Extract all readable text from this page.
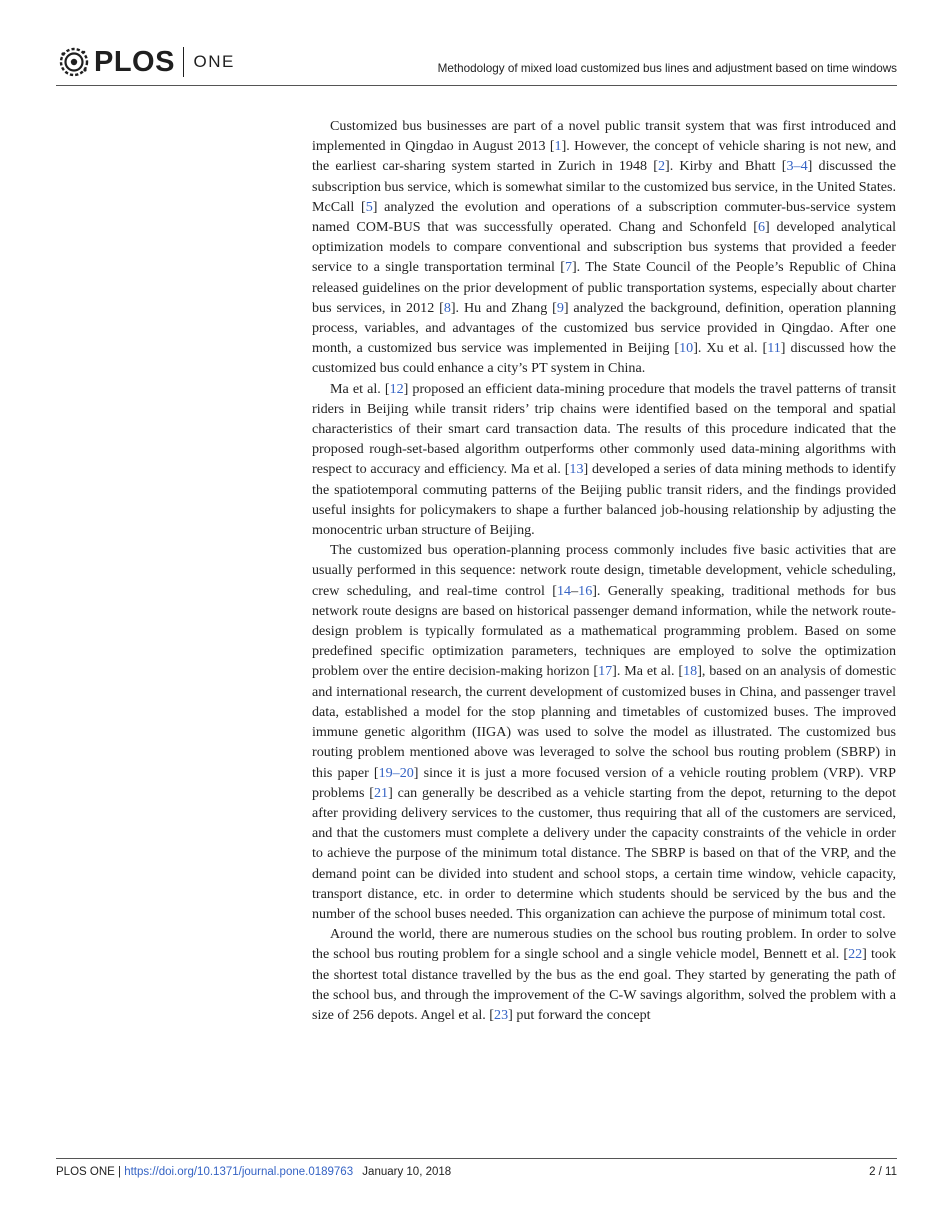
PLOS ONE	Methodology of mixed load customized bus lines and adjustment based on time windows

Customized bus businesses are part of a novel public transit system that was first introduced and implemented in Qingdao in August 2013 [1]. However, the concept of vehicle sharing is not new, and the earliest car-sharing system started in Zurich in 1948 [2]. Kirby and Bhatt [3–4] discussed the subscription bus service, which is somewhat similar to the customized bus service, in the United States. McCall [5] analyzed the evolution and operations of a subscription commuter-bus-service system named COM-BUS that was successfully operated. Chang and Schonfeld [6] developed analytical optimization models to compare conventional and subscription bus systems that provided a feeder service to a single transportation terminal [7]. The State Council of the People’s Republic of China released guidelines on the prior development of public transportation systems, especially about charter bus services, in 2012 [8]. Hu and Zhang [9] analyzed the background, definition, operation planning process, variables, and advantages of the customized bus service provided in Qingdao. After one month, a customized bus service was implemented in Beijing [10]. Xu et al. [11] discussed how the customized bus could enhance a city’s PT system in China.

Ma et al. [12] proposed an efficient data-mining procedure that models the travel patterns of transit riders in Beijing while transit riders’ trip chains were identified based on the temporal and spatial characteristics of their smart card transaction data. The results of this procedure indicated that the proposed rough-set-based algorithm outperforms other commonly used data-mining algorithms with respect to accuracy and efficiency. Ma et al. [13] developed a series of data mining methods to identify the spatiotemporal commuting patterns of the Beijing public transit riders, and the findings provided useful insights for policymakers to shape a further balanced job-housing relationship by adjusting the monocentric urban structure of Beijing.

The customized bus operation-planning process commonly includes five basic activities that are usually performed in this sequence: network route design, timetable development, vehicle scheduling, crew scheduling, and real-time control [14–16]. Generally speaking, traditional methods for bus network route designs are based on historical passenger demand information, while the network route-design problem is typically formulated as a mathematical programming problem. Based on some predefined specific optimization parameters, techniques are employed to solve the optimization problem over the entire decision-making horizon [17]. Ma et al. [18], based on an analysis of domestic and international research, the current development of customized buses in China, and passenger travel data, established a model for the stop planning and timetables of customized buses. The improved immune genetic algorithm (IIGA) was used to solve the model as illustrated. The customized bus routing problem mentioned above was leveraged to solve the school bus routing problem (SBRP) in this paper [19–20] since it is just a more focused version of a vehicle routing problem (VRP). VRP problems [21] can generally be described as a vehicle starting from the depot, returning to the depot after providing delivery services to the customer, thus requiring that all of the customers are serviced, and that the customers must complete a delivery under the capacity constraints of the vehicle in order to achieve the purpose of the minimum total distance. The SBRP is based on that of the VRP, and the demand point can be divided into student and school stops, a certain time window, vehicle capacity, transport distance, etc. in order to determine which students should be serviced by the bus and the number of the school buses needed. This organization can achieve the purpose of minimum total cost.

Around the world, there are numerous studies on the school bus routing problem. In order to solve the school bus routing problem for a single school and a single vehicle model, Bennett et al. [22] took the shortest total distance travelled by the bus as the end goal. They started by generating the path of the school bus, and through the improvement of the C-W savings algorithm, solved the problem with a size of 256 depots. Angel et al. [23] put forward the concept

PLOS ONE | https://doi.org/10.1371/journal.pone.0189763 January 10, 2018	2 / 11
